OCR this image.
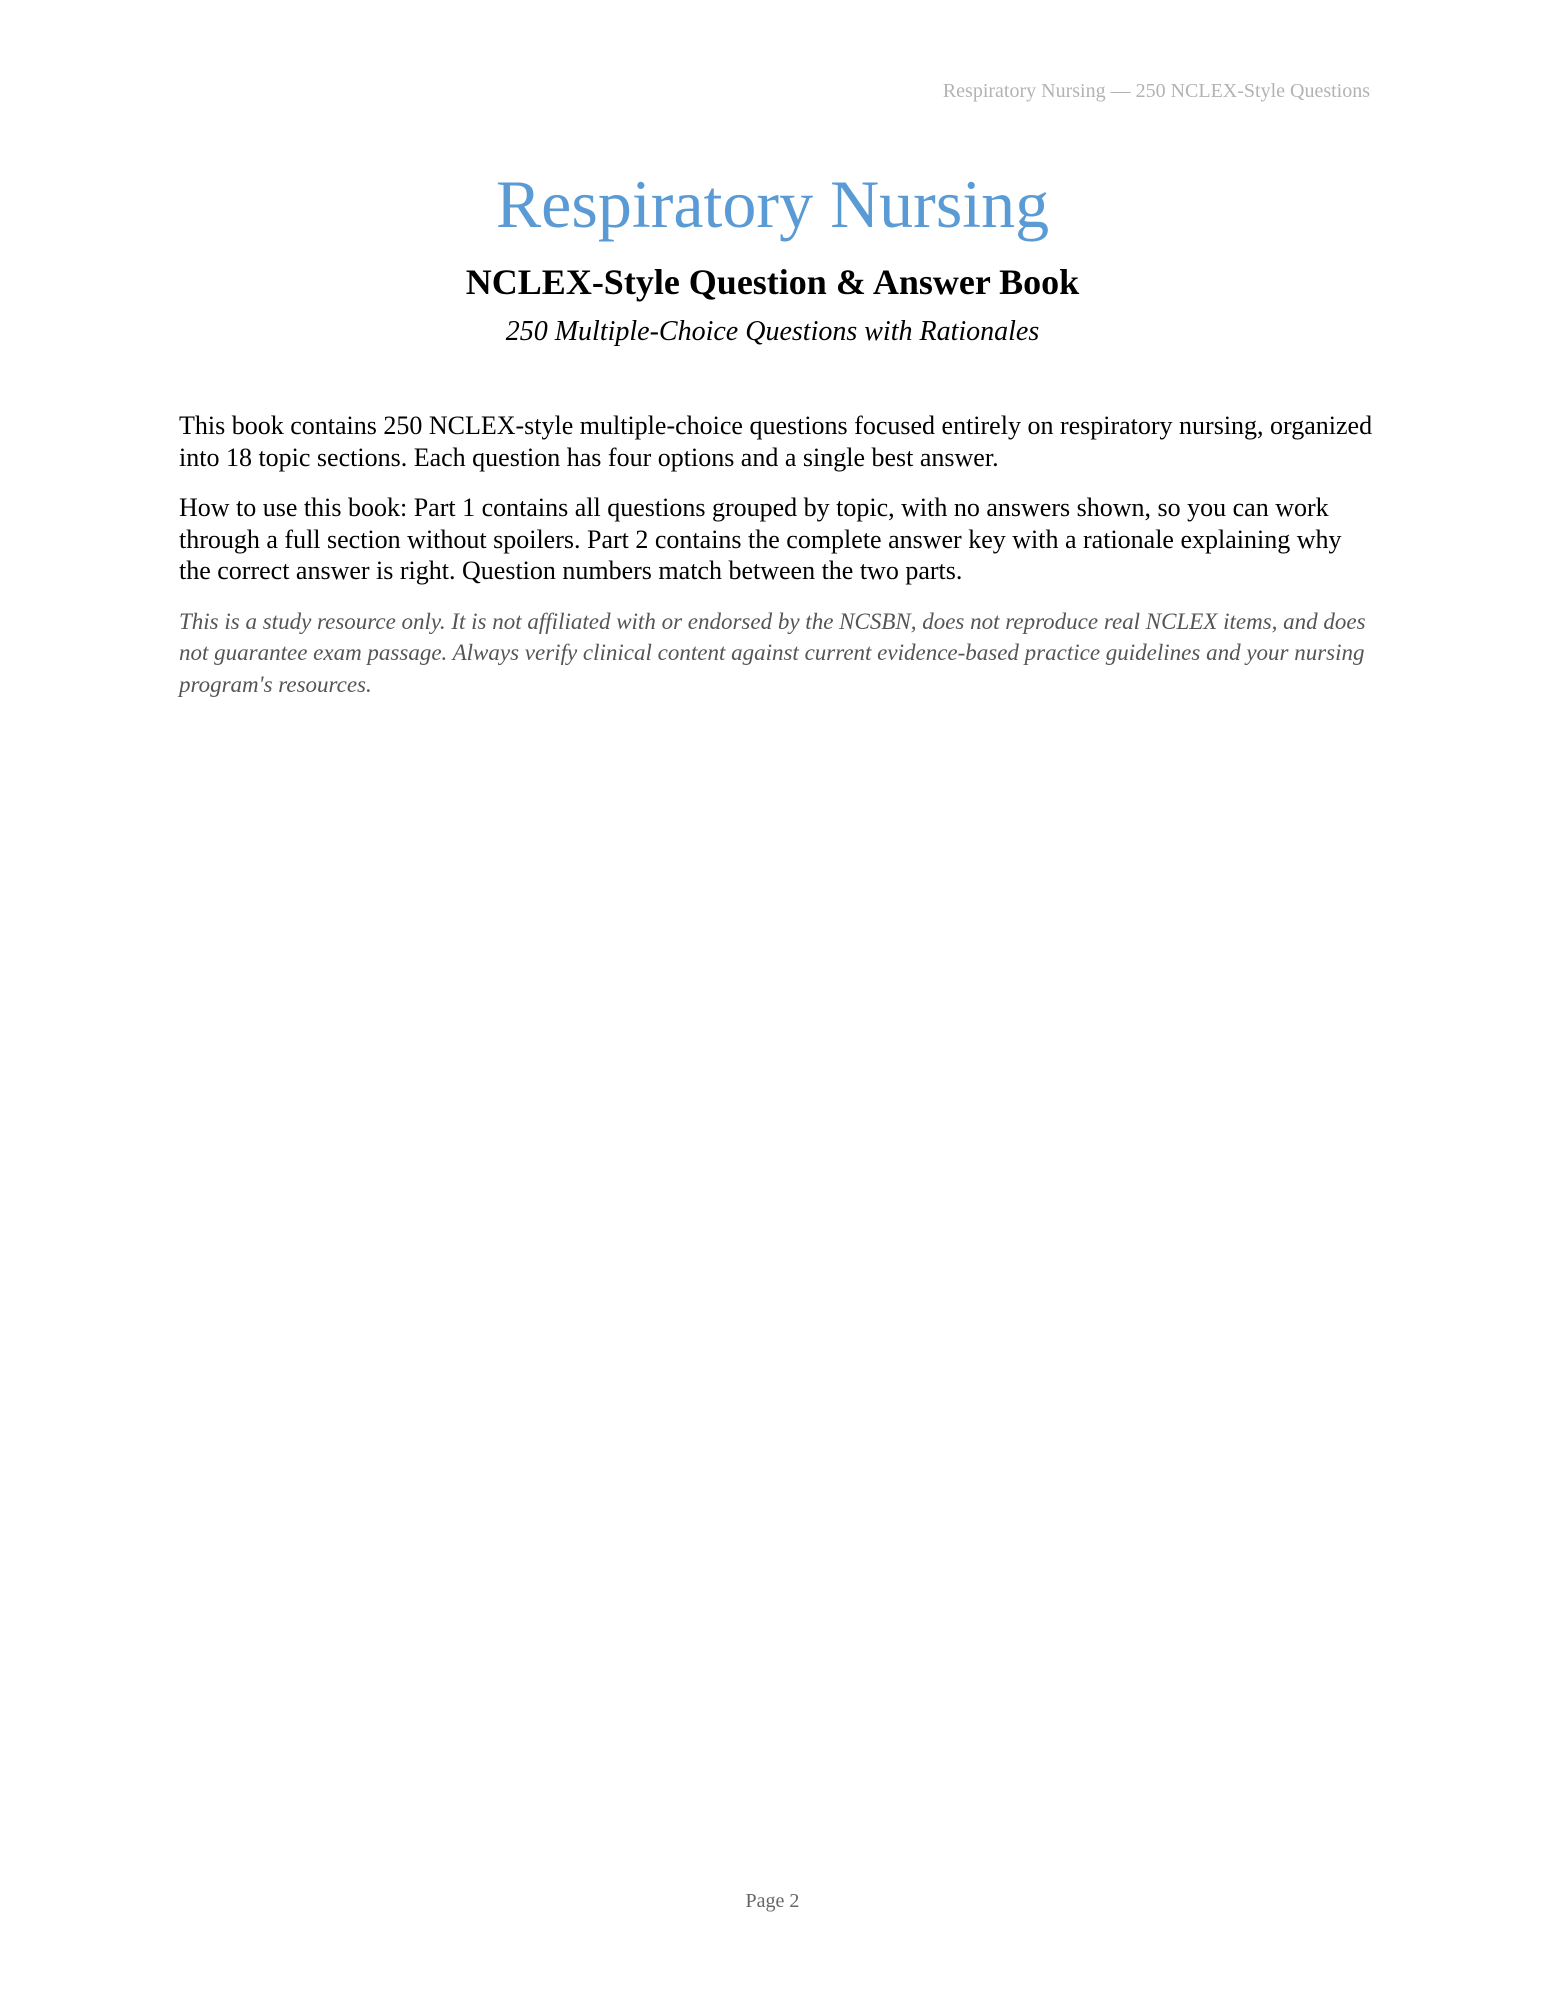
Respiratory Nursing — 250 NCLEX-Style Questions
Respiratory Nursing
NCLEX-Style Question & Answer Book
250 Multiple-Choice Questions with Rationales

This book contains 250 NCLEX-style multiple-choice questions focused entirely on respiratory nursing, organized into 18 topic sections. Each question has four options and a single best answer.

How to use this book: Part 1 contains all questions grouped by topic, with no answers shown, so you can work through a full section without spoilers. Part 2 contains the complete answer key with a rationale explaining why the correct answer is right. Question numbers match between the two parts.

This is a study resource only. It is not affiliated with or endorsed by the NCSBN, does not reproduce real NCLEX items, and does not guarantee exam passage. Always verify clinical content against current evidence-based practice guidelines and your nursing program's resources.

Page 2
